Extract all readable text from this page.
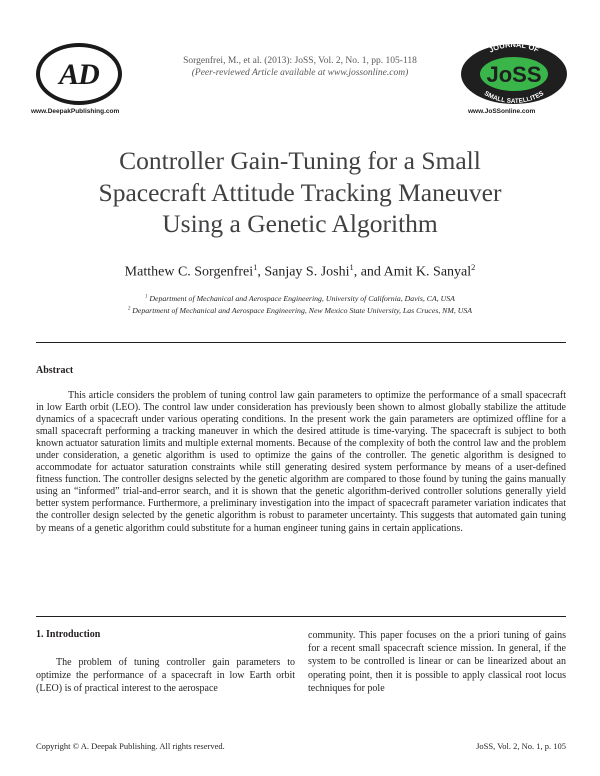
AD
www.DeepakPublishing.com
Sorgenfrei, M., et al. (2013): JoSS, Vol. 2, No. 1, pp. 105-118
(Peer-reviewed Article available at www.jossonline.com)
JOURNAL OF
SMALL SATELLITES
JoSS
www.JoSSonline.com
Controller Gain-Tuning for a Small
Spacecraft Attitude Tracking Maneuver
Using a Genetic Algorithm
Matthew C. Sorgenfrei$^1$, Sanjay S. Joshi$^1$, and Amit K. Sanyal$^2$
$^1$ Department of Mechanical and Aerospace Engineering, University of California, Davis, CA, USA
$^2$ Department of Mechanical and Aerospace Engineering, New Mexico State University, Las Cruces, NM, USA
Abstract

This article considers the problem of tuning control law gain parameters to optimize the performance of a small spacecraft in low Earth orbit (LEO). The control law under consideration has previously been shown to almost globally stabilize the attitude dynamics of a spacecraft under various operating conditions. In the present work the gain parameters are optimized offline for a small spacecraft performing a tracking maneuver in which the desired attitude is time-varying. The spacecraft is subject to both known actuator saturation limits and multiple external moments. Because of the complexity of both the control law and the problem under consideration, a genetic algorithm is used to optimize the gains of the controller. The genetic algorithm is designed to accommodate for actuator saturation constraints while still generating desired system performance by means of a user-defined fitness function. The controller designs selected by the genetic algorithm are compared to those found by tuning the gains manually using an “informed” trial-and-error search, and it is shown that the genetic algorithm-derived controller solutions generally yield better system performance. Furthermore, a preliminary investigation into the impact of spacecraft parameter variation indicates that the controller design selected by the genetic algorithm is robust to parameter uncertainty. This suggests that automated gain tuning by means of a genetic algorithm could substitute for a human engineer tuning gains in certain applications.

1. Introduction

The problem of tuning controller gain parameters to optimize the performance of a spacecraft in low Earth orbit (LEO) is of practical interest to the aerospace

community. This paper focuses on the a priori tuning of gains for a recent small spacecraft science mission. In general, if the system to be controlled is linear or can be linearized about an operating point, then it is possible to apply classical root locus techniques for pole

Copyright © A. Deepak Publishing. All rights reserved.	JoSS, Vol. 2, No. 1, p. 105
